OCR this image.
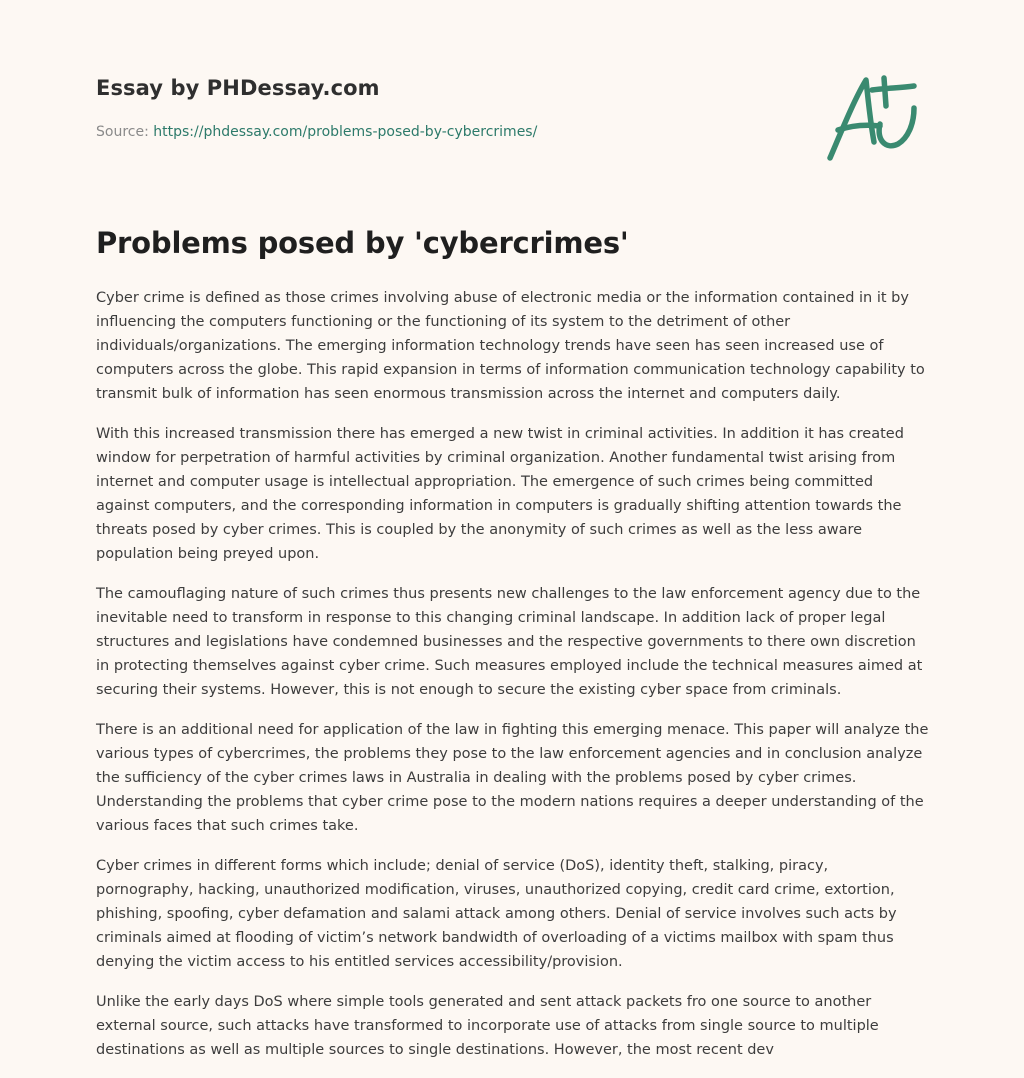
Essay by PHDessay.com
Source: https://phdessay.com/problems-posed-by-cybercrimes/
Problems posed by 'cybercrimes'

Cyber crime is defined as those crimes involving abuse of electronic media or the information contained in it by influencing the computers functioning or the functioning of its system to the detriment of other individuals/organizations. The emerging information technology trends have seen has seen increased use of computers across the globe. This rapid expansion in terms of information communication technology capability to transmit bulk of information has seen enormous transmission across the internet and computers daily.

With this increased transmission there has emerged a new twist in criminal activities. In addition it has created window for perpetration of harmful activities by criminal organization. Another fundamental twist arising from internet and computer usage is intellectual appropriation. The emergence of such crimes being committed against computers, and the corresponding information in computers is gradually shifting attention towards the threats posed by cyber crimes. This is coupled by the anonymity of such crimes as well as the less aware population being preyed upon.

The camouflaging nature of such crimes thus presents new challenges to the law enforcement agency due to the inevitable need to transform in response to this changing criminal landscape. In addition lack of proper legal structures and legislations have condemned businesses and the respective governments to there own discretion in protecting themselves against cyber crime. Such measures employed include the technical measures aimed at securing their systems. However, this is not enough to secure the existing cyber space from criminals.

There is an additional need for application of the law in fighting this emerging menace. This paper will analyze the various types of cybercrimes, the problems they pose to the law enforcement agencies and in conclusion analyze the sufficiency of the cyber crimes laws in Australia in dealing with the problems posed by cyber crimes. Understanding the problems that cyber crime pose to the modern nations requires a deeper understanding of the various faces that such crimes take.

Cyber crimes in different forms which include; denial of service (DoS), identity theft, stalking, piracy, pornography, hacking, unauthorized modification, viruses, unauthorized copying, credit card crime, extortion, phishing, spoofing, cyber defamation and salami attack among others. Denial of service involves such acts by criminals aimed at flooding of victim’s network bandwidth of overloading of a victims mailbox with spam thus denying the victim access to his entitled services accessibility/provision.

Unlike the early days DoS where simple tools generated and sent attack packets fro one source to another external source, such attacks have transformed to incorporate use of attacks from single source to multiple destinations as well as multiple sources to single destinations. However, the most recent dev
